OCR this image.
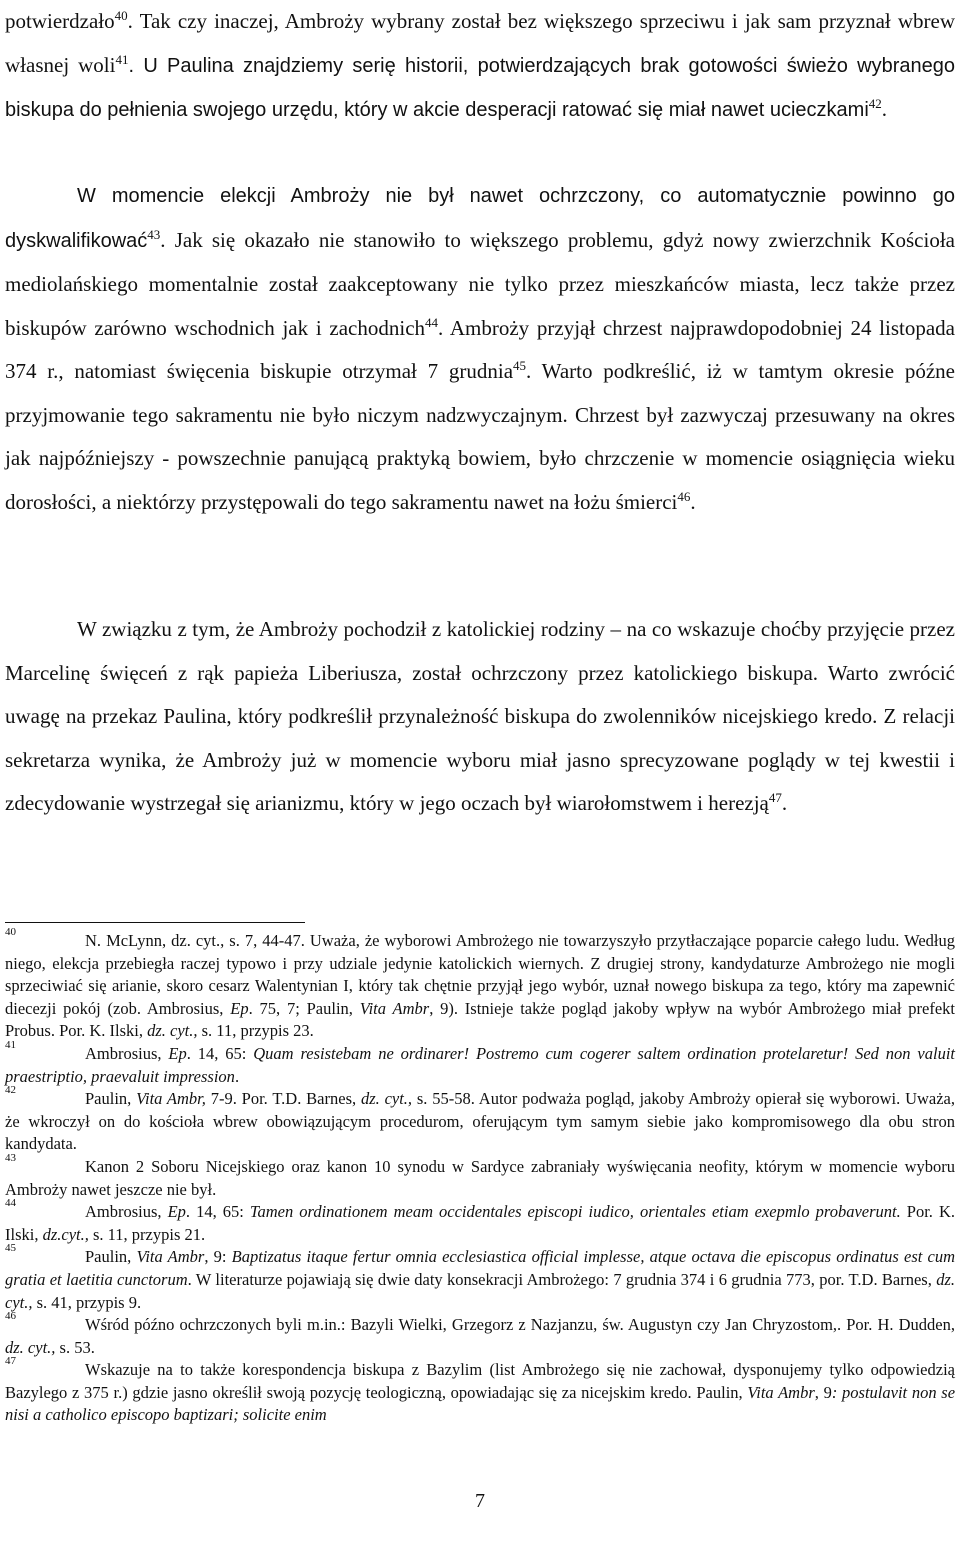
potwierdzało$^{40}$. Tak czy inaczej, Ambroży wybrany został bez większego sprzeciwu i jak sam przyznał wbrew własnej woli$^{41}$. U Paulina znajdziemy serię historii, potwierdzających brak gotowości świeżo wybranego biskupa do pełnienia swojego urzędu, który w akcie desperacji ratować się miał nawet ucieczkami$^{42}$.

W momencie elekcji Ambroży nie był nawet ochrzczony, co automatycznie powinno go dyskwalifikować$^{43}$. Jak się okazało nie stanowiło to większego problemu, gdyż nowy zwierzchnik Kościoła mediolańskiego momentalnie został zaakceptowany nie tylko przez mieszkańców miasta, lecz także przez biskupów zarówno wschodnich jak i zachodnich$^{44}$. Ambroży przyjął chrzest najprawdopodobniej 24 listopada 374 r., natomiast święcenia biskupie otrzymał 7 grudnia$^{45}$. Warto podkreślić, iż w tamtym okresie późne przyjmowanie tego sakramentu nie było niczym nadzwyczajnym. Chrzest był zazwyczaj przesuwany na okres jak najpóźniejszy - powszechnie panującą praktyką bowiem, było chrzczenie w momencie osiągnięcia wieku dorosłości, a niektórzy przystępowali do tego sakramentu nawet na łożu śmierci$^{46}$.

W związku z tym, że Ambroży pochodził z katolickiej rodziny – na co wskazuje choćby przyjęcie przez Marcelinę święceń z rąk papieża Liberiusza, został ochrzczony przez katolickiego biskupa. Warto zwrócić uwagę na przekaz Paulina, który podkreślił przynależność biskupa do zwolenników nicejskiego kredo. Z relacji sekretarza wynika, że Ambroży już w momencie wyboru miał jasno sprecyzowane poglądy w tej kwestii i zdecydowanie wystrzegał się arianizmu, który w jego oczach był wiarołomstwem i herezją$^{47}$.

40	N. McLynn, dz. cyt., s. 7, 44-47. Uważa, że wyborowi Ambrożego nie towarzyszyło przytłaczające poparcie całego ludu. Według niego, elekcja przebiegła raczej typowo i przy udziale jedynie katolickich wiernych. Z drugiej strony, kandydaturze Ambrożego nie mogli sprzeciwiać się arianie, skoro cesarz Walentynian I, który tak chętnie przyjął jego wybór, uznał nowego biskupa za tego, który ma zapewnić diecezji pokój (zob. Ambrosius, Ep. 75, 7; Paulin, Vita Ambr, 9). Istnieje także pogląd jakoby wpływ na wybór Ambrożego miał prefekt Probus. Por. K. Ilski, dz. cyt., s. 11, przypis 23.

41	Ambrosius, Ep. 14, 65: Quam resistebam ne ordinarer! Postremo cum cogerer saltem ordination protelaretur! Sed non valuit praestriptio, praevaluit impression.

42	Paulin, Vita Ambr, 7-9. Por. T.D. Barnes, dz. cyt., s. 55-58. Autor podważa pogląd, jakoby Ambroży opierał się wyborowi. Uważa, że wkroczył on do kościoła wbrew obowiązującym procedurom, oferującym tym samym siebie jako kompromisowego dla obu stron kandydata.

43	Kanon 2 Soboru Nicejskiego oraz kanon 10 synodu w Sardyce zabraniały wyświęcania neofity, którym w momencie wyboru Ambroży nawet jeszcze nie był.

44	Ambrosius, Ep. 14, 65: Tamen ordinationem meam occidentales episcopi iudico, orientales etiam exepmlo probaverunt. Por. K. Ilski, dz.cyt., s. 11, przypis 21.

45	Paulin, Vita Ambr, 9: Baptizatus itaque fertur omnia ecclesiastica official implesse, atque octava die episcopus ordinatus est cum gratia et laetitia cunctorum. W literaturze pojawiają się dwie daty konsekracji Ambrożego: 7 grudnia 374 i 6 grudnia 773, por. T.D. Barnes, dz. cyt., s. 41, przypis 9.

46	Wśród późno ochrzczonych byli m.in.: Bazyli Wielki, Grzegorz z Nazjanzu, św. Augustyn czy Jan Chryzostom,. Por. H. Dudden, dz. cyt., s. 53.

47	Wskazuje na to także korespondencja biskupa z Bazylim (list Ambrożego się nie zachował, dysponujemy tylko odpowiedzią Bazylego z 375 r.) gdzie jasno określił swoją pozycję teologiczną, opowiadając się za nicejskim kredo. Paulin, Vita Ambr, 9: postulavit non se nisi a catholico episcopo baptizari; solicite enim

7
